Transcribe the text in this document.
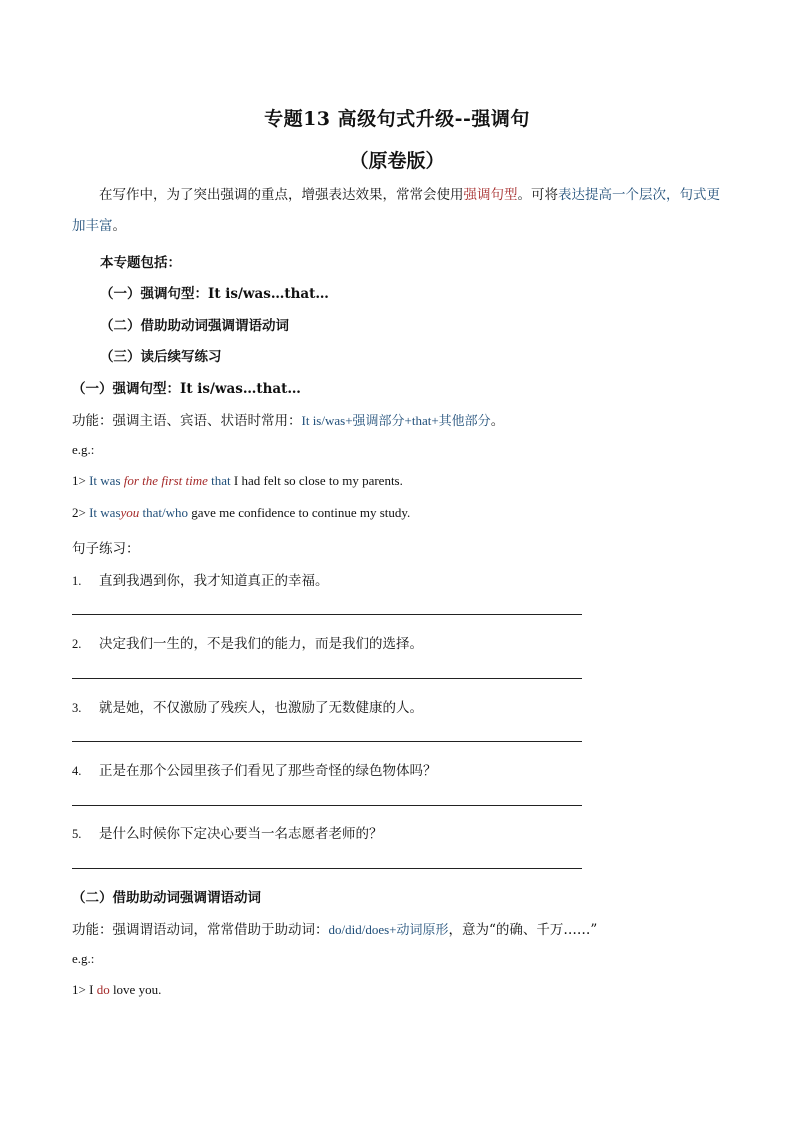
专题13 高级句式升级--强调句
（原卷版）
在写作中，为了突出强调的重点，增强表达效果，常常会使用强调句型。可将表达提高一个层次，句式更加丰富。
本专题包括：
（一）强调句型：It is/was…that…
（二）借助助动词强调谓语动词
（三）读后续写练习
（一）强调句型：It is/was…that…
功能：强调主语、宾语、状语时常用：It is/was+强调部分+that+其他部分。
e.g.:
1> It was for the first time that I had felt so close to my parents.
2> It wasyou that/who gave me confidence to continue my study.
句子练习：
1. 直到我遇到你，我才知道真正的幸福。
2. 决定我们一生的，不是我们的能力，而是我们的选择。
3. 就是她，不仅激励了残疾人，也激励了无数健康的人。
4. 正是在那个公园里孩子们看见了那些奇怪的绿色物体吗？
5. 是什么时候你下定决心要当一名志愿者老师的？
（二）借助助动词强调谓语动词
功能：强调谓语动词，常常借助于助动词：do/did/does+动词原形，意为“的确、千万……”
e.g.:
1> I do love you.
